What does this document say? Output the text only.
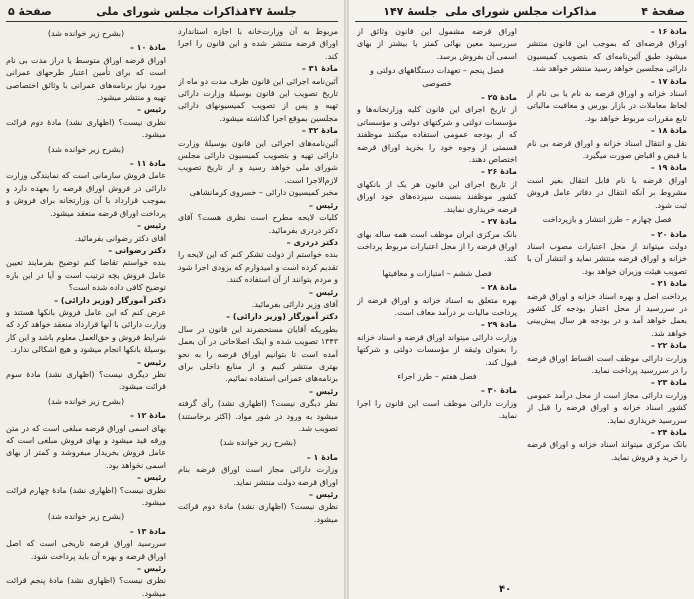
صفحهٔ ۴
مذاکرات مجلس شورای ملی
جلسهٔ ۱۴۷

مادهٔ ۱۶ –

اوراق قرضه‌ای که بموجب این قانون منتشر میشود طبق آئین‌نامه‌ای که بتصویب کمیسیون دارائی مجلسین خواهد رسید منتشر خواهد شد.

مادهٔ ۱۷ –

اسناد خزانه و اوراق قرضه به نام یا بی نام از لحاظ معاملات در بازار بورس و معافیت مالیاتی تابع مقررات مربوط خواهد بود.

مادهٔ ۱۸ –

نقل و انتقال اسناد خزانه و اوراق قرضه بی نام با قبض و اقباض صورت میگیرد.

مادهٔ ۱۹ –

اوراق قرضه با نام قابل انتقال بغیر است مشروط بر آنکه انتقال در دفاتر عامل فروش ثبت شود.

فصل چهارم – طرز انتشار و بازپرداخت

مادهٔ ۲۰ –

دولت میتواند از محل اعتبارات مصوب اسناد خزانه و اوراق قرضه منتشر نماید و انتشار آن با تصویب هیئت وزیران خواهد بود.

مادهٔ ۲۱ –

پرداخت اصل و بهره اسناد خزانه و اوراق قرضه در سررسید از محل اعتبار بودجه کل کشور بعمل خواهد آمد و در بودجه هر سال پیش‌بینی خواهد شد.

مادهٔ ۲۲ –

وزارت دارائی موظف است اقساط اوراق قرضه را در سررسید پرداخت نماید.

مادهٔ ۲۳ –

وزارت دارائی مجاز است از محل درآمد عمومی کشور اسناد خزانه و اوراق قرضه را قبل از سررسید خریداری نماید.

مادهٔ ۲۴ –

بانک مرکزی میتواند اسناد خزانه و اوراق قرضه را خرید و فروش نماید.

اوراق قرضه مشمول این قانون وثائق از سررسید معین بهائی کمتر یا بیشتر از بهای اسمی آن بفروش برسد.

فصل پنجم – تعهدات دستگاههای دولتی و خصوصی

مادهٔ ۲۵ –

از تاریخ اجرای این قانون کلیه وزارتخانه‌ها و مؤسسات دولتی و شرکتهای دولتی و مؤسساتی که از بودجه عمومی استفاده میکنند موظفند قسمتی از وجوه خود را بخرید اوراق قرضه اختصاص دهند.

مادهٔ ۲۶ –

از تاریخ اجرای این قانون هر یک از بانکهای کشور موظفند بنسبت سپرده‌های خود اوراق قرضه خریداری نمایند.

مادهٔ ۲۷ –

بانک مرکزی ایران موظف است همه ساله بهای اوراق قرضه را از محل اعتبارات مربوط پرداخت کند.

فصل ششم – امتیازات و معافیتها

مادهٔ ۲۸ –

بهره متعلق به اسناد خزانه و اوراق قرضه از پرداخت مالیات بر درآمد معاف است.

مادهٔ ۲۹ –

وزارت دارائی میتواند اوراق قرضه و اسناد خزانه را بعنوان وثیقه از مؤسسات دولتی و شرکتها قبول کند.

فصل هفتم – طرز اجراء

مادهٔ ۳۰ –

وزارت دارائی موظف است این قانون را اجرا نماید.

۴۰
صفحهٔ ۵	مذاکرات مجلس شورای ملی
جلسهٔ ۱۴۷

(بشرح زیر خوانده شد)

مادهٔ ۱۰ –

اوراق قرضه اوراق متوسط یا دراز مدت بی نام است که برای تأمین اعتبار طرحهای عمرانی مورد نیاز برنامه‌های عمرانی با وثائق اختصاصی تهیه و منتشر میشود.

رئیس –

نظری نیست؟ (اظهاری نشد) مادهٔ دوم قرائت میشود.

(بشرح زیر خوانده شد)

مادهٔ ۱۱ –

عامل فروش سازمانی است که نمایندگی وزارت دارائی در فروش اوراق قرضه را بعهده دارد و بموجب قرارداد با آن وزارتخانه برای فروش و پرداخت اوراق قرضه منعقد میشود.

رئیس –

آقای دکتر رضوانی بفرمائید.

دکتر رضوانی –

بنده خواستم تقاضا کنم توضیح بفرمایند تعیین عامل فروش بچه ترتیب است و آیا در این باره توضیح کافی داده شده است؟

دکتر آموزگار (وزیر دارائی) –

عرض کنم که این عامل فروش بانکها هستند و وزارت دارائی با آنها قرارداد منعقد خواهد کرد که شرایط فروش و حق‌العمل معلوم باشد و این کار بوسیلهٔ بانکها انجام میشود و هیچ اشکالی ندارد.

رئیس –

نظر دیگری نیست؟ (اظهاری نشد) مادهٔ سوم قرائت میشود.

(بشرح زیر خوانده شد)

مادهٔ ۱۲ –

بهای اسمی اوراق قرضه مبلغی است که در متن ورقه قید میشود و بهای فروش مبلغی است که عامل فروش بخریدار میفروشد و کمتر از بهای اسمی نخواهد بود.

رئیس –

نظری نیست؟ (اظهاری نشد) مادهٔ چهارم قرائت میشود.

(بشرح زیر خوانده شد)

مادهٔ ۱۳ –

سررسید اوراق قرضه تاریخی است که اصل اوراق قرضه و بهره آن باید پرداخت شود.

رئیس –

نظری نیست؟ (اظهاری نشد) مادهٔ پنجم قرائت میشود.

مربوط به آن وزارت‌خانه با اجازه استاندارد اوراق قرضه منتشر شده و این قانون را اجرا کند.

مادهٔ ۳۱ –

آئین‌نامه اجرائی این قانون ظرف مدت دو ماه از تاریخ تصویب این قانون بوسیلهٔ وزارت دارائی تهیه و پس از تصویب کمیسیونهای دارائی مجلسین بموقع اجرا گذاشته میشود.

مادهٔ ۳۲ –

آئین‌نامه‌های اجرائی این قانون بوسیلهٔ وزارت دارائی تهیه و بتصویب کمیسیون دارائی مجلس شورای ملی خواهد رسید و از تاریخ تصویب لازم‌الاجرا است.

مخبر کمیسیون دارائی – خسروی کرمانشاهی

رئیس –

کلیات لایحه مطرح است نظری هست؟ آقای دکتر دردری بفرمائید.

دکتر دردری –

بنده خواستم از دولت تشکر کنم که این لایحه را تقدیم کرده است و امیدوارم که بزودی اجرا شود و مردم بتوانند از آن استفاده کنند.

رئیس –

آقای وزیر دارائی بفرمائید.

دکتر آموزگار (وزیر دارائی) –

بطوریکه آقایان مستحضرند این قانون در سال ۱۳۴۳ تصویب شده و اینک اصلاحاتی در آن بعمل آمده است تا بتوانیم اوراق قرضه را به نحو بهتری منتشر کنیم و از منابع داخلی برای برنامه‌های عمرانی استفاده نمائیم.

رئیس –

نظر دیگری نیست؟ (اظهاری نشد) رأی گرفته میشود به ورود در شور مواد. (اکثر برخاستند) تصویب شد.

(بشرح زیر خوانده شد)

مادهٔ ۱ –

وزارت دارائی مجاز است اوراق قرضه بنام اوراق قرضه دولت منتشر نماید.

رئیس –

نظری نیست؟ (اظهاری نشد) مادهٔ دوم قرائت میشود.
